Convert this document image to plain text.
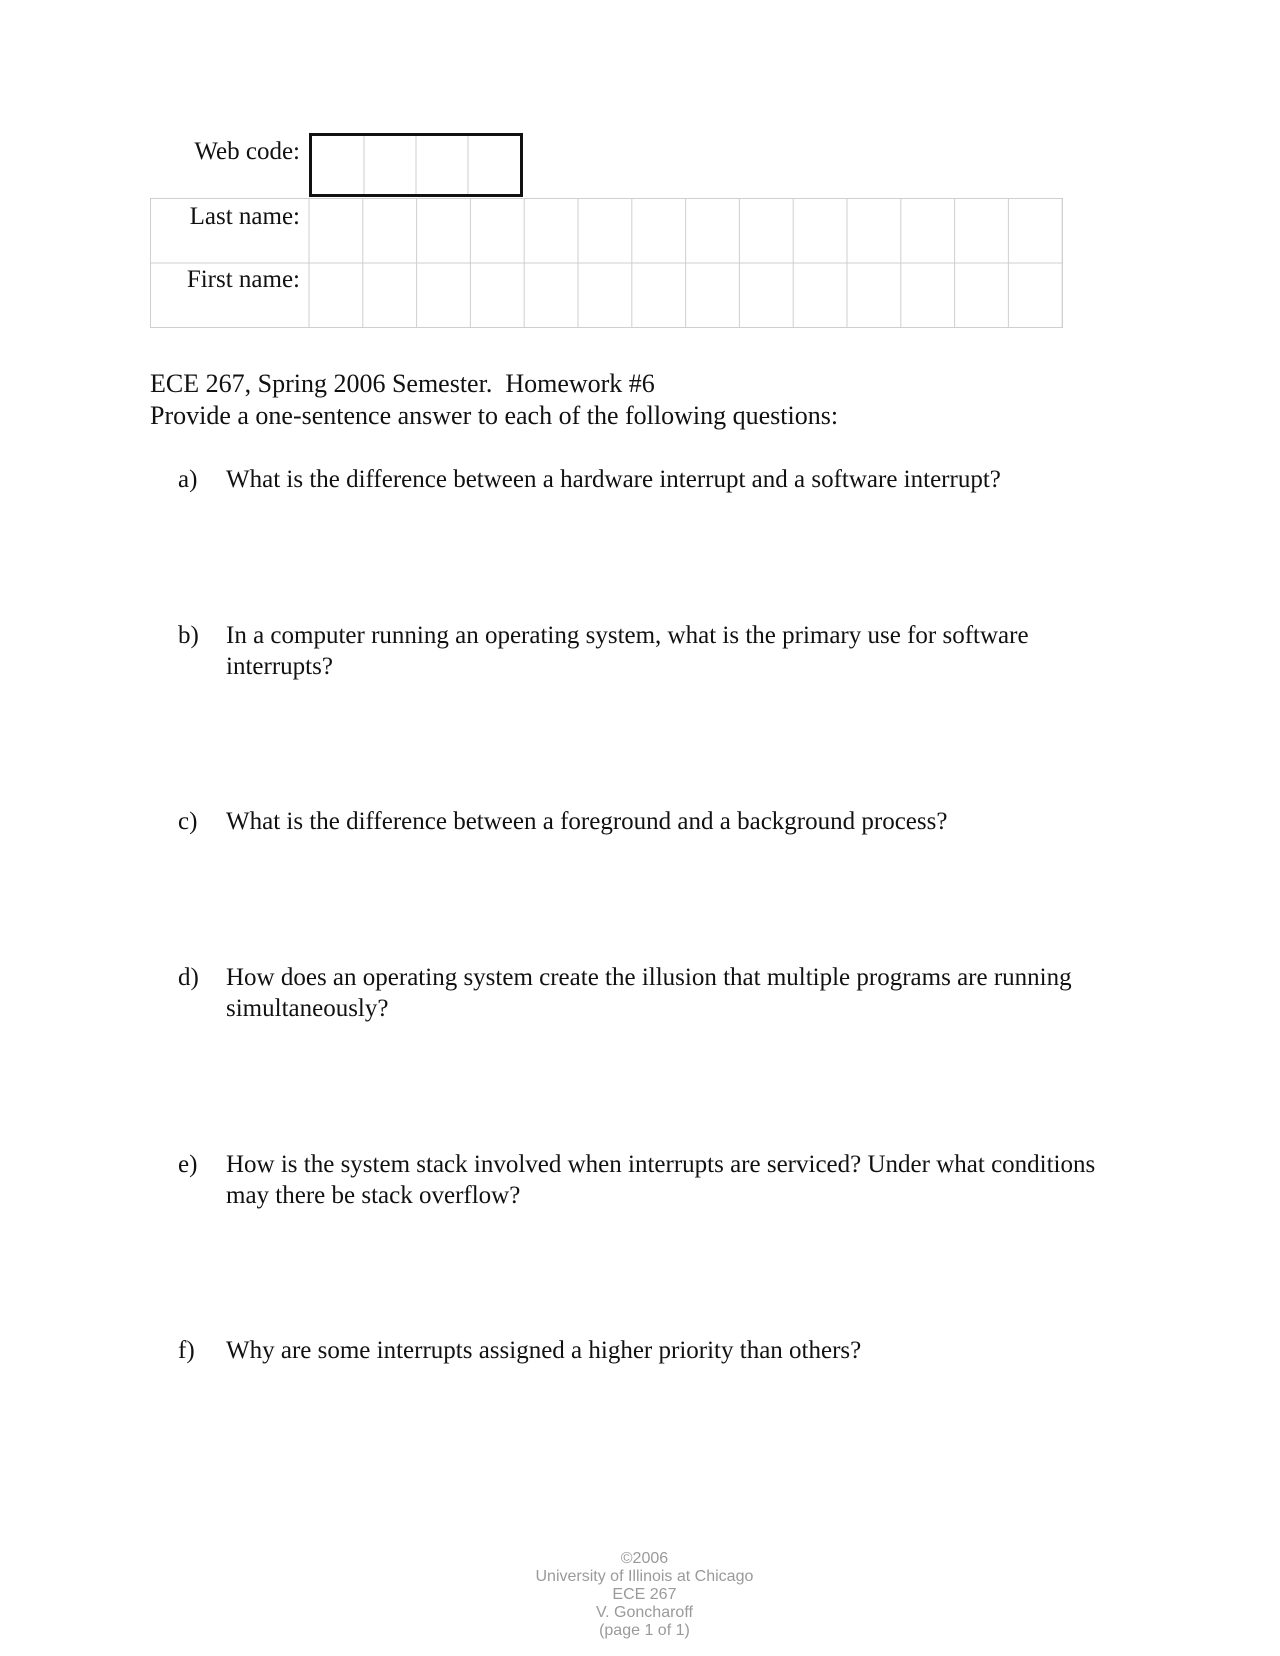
Web code:
Last name:
First name:
ECE 267, Spring 2006 Semester.  Homework #6
Provide a one-sentence answer to each of the following questions:
a)	What is the difference between a hardware interrupt and a software interrupt?
b)	In a computer running an operating system, what is the primary use for software interrupts?
c)	What is the difference between a foreground and a background process?
d)	How does an operating system create the illusion that multiple programs are running simultaneously?
e)	How is the system stack involved when interrupts are serviced? Under what conditions may there be stack overflow?
f)	Why are some interrupts assigned a higher priority than others?

©2006
University of Illinois at Chicago
ECE 267
V. Goncharoff
(page 1 of 1)
